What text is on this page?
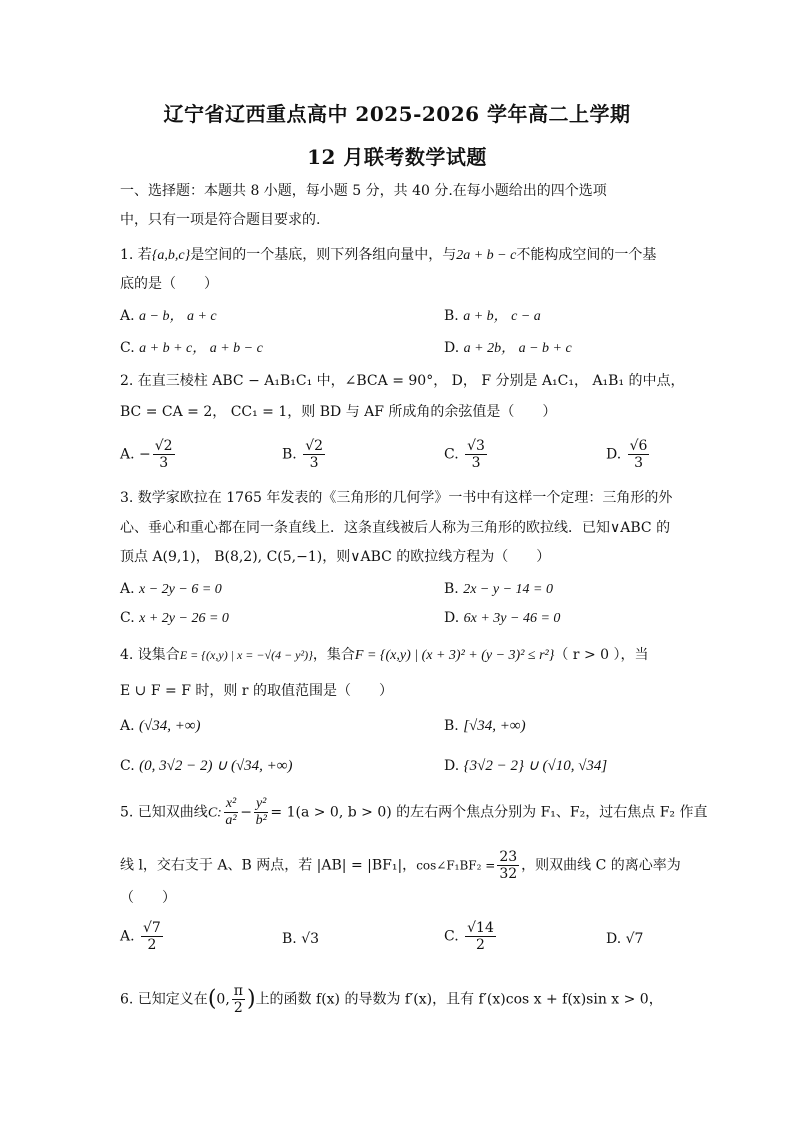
辽宁省辽西重点高中 2025-2026 学年高二上学期
12 月联考数学试题
一、选择题：本题共 8 小题，每小题 5 分，共 40 分.在每小题给出的四个选项
中，只有一项是符合题目要求的.
1. 若{a,b,c}是空间的一个基底，则下列各组向量中，与2a + b − c不能构成空间的一个基
底的是（　　）
A. a − b， a + c	B. a + b， c − a
C. a + b + c， a + b − c	D. a + 2b， a − b + c
2. 在直三棱柱 ABC − A₁B₁C₁ 中，∠BCA = 90°， D， F 分别是 A₁C₁， A₁B₁ 的中点，
BC = CA = 2， CC₁ = 1，则 BD 与 AF 所成角的余弦值是（　　）
A. − $\frac{√2}{3}$	B. $\frac{√2}{3}$	C. $\frac{√3}{3}$	D. $\frac{√6}{3}$
3. 数学家欧拉在 1765 年发表的《三角形的几何学》一书中有这样一个定理：三角形的外
心、垂心和重心都在同一条直线上．这条直线被后人称为三角形的欧拉线．已知∨ABC 的
顶点 A(9,1)， B(8,2), C(5,−1)，则∨ABC 的欧拉线方程为（　　）
A. x − 2y − 6 = 0	B. 2x − y − 14 = 0
C. x + 2y − 26 = 0	D. 6x + 3y − 46 = 0
4. 设集合E = {(x,y) | x = −√(4 − y²)}，集合F = {(x,y) | (x + 3)² + (y − 3)² ≤ r²}（ r > 0 ），当
E ∪ F = F 时，则 r 的取值范围是（　　）
A. (√34, +∞)	B. [√34, +∞)
C. (0, 3√2 − 2) ∪ (√34, +∞)	D. {3√2 − 2} ∪ (√10, √34]
5. 已知双曲线C: $\frac{\text{x²}}{\text{a²}} - \frac{\text{y²}}{\text{b²}} = 1(a > 0$, b > 0) 的左右两个焦点分别为 F₁、F₂，过右焦点 F₂ 作直
线 l，交右支于 A、B 两点，若 |AB| = |BF₁|，cos∠F₁BF₂ = $\frac{23}{32}$ ，则双曲线 C 的离心率为
（　　）
A. $\frac{√7}{2}$	B. √3	C. $\frac{√14}{2}$	D. √7
6. 已知定义在(0, $\frac{\pi}{2}$ )上的函数 f(x) 的导数为 f′(x)，且有 f′(x)cos x + f(x)sin x > 0，
